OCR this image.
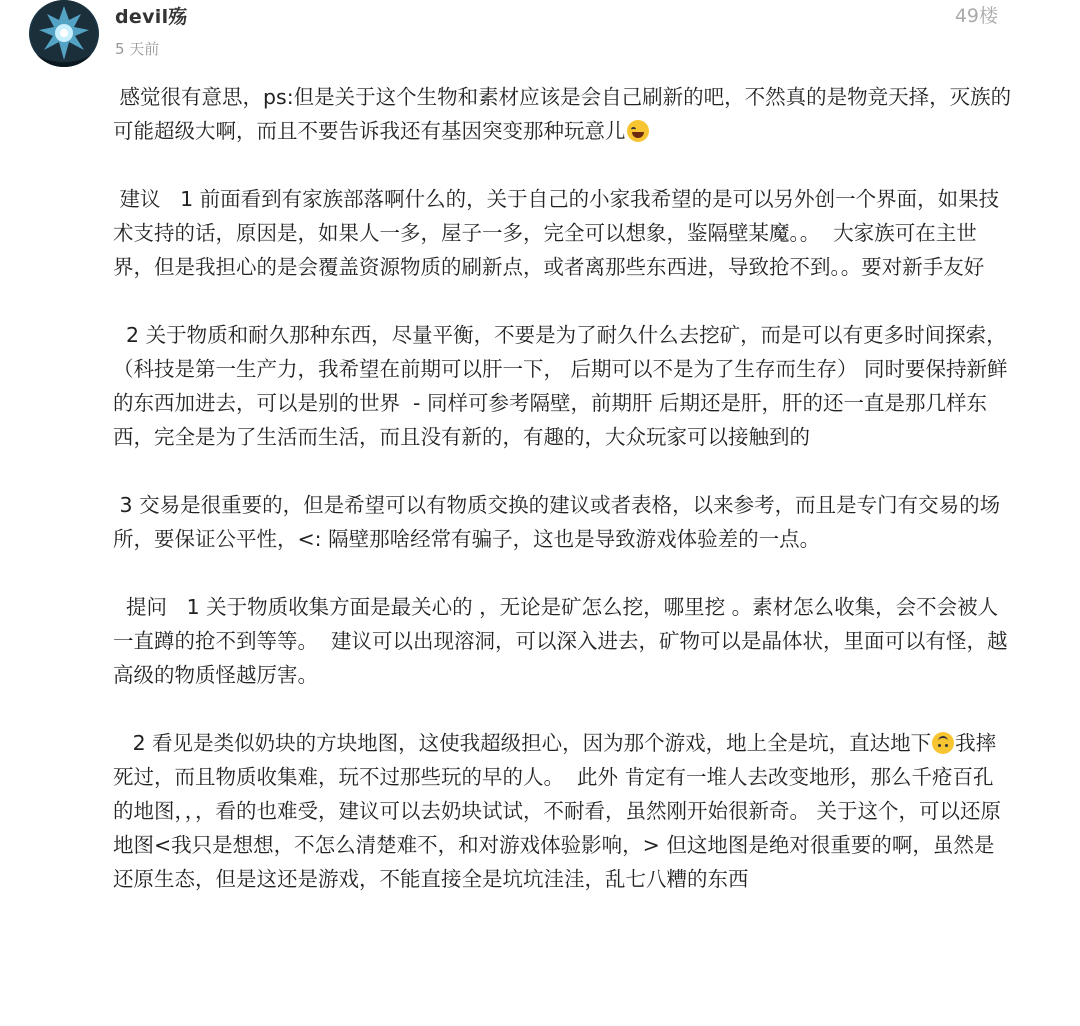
devil殇
5 天前
49楼
感觉很有意思，ps:但是关于这个生物和素材应该是会自己刷新的吧，不然真的是物竞天择，灭族的可能超级大啊，而且不要告诉我还有基因突变那种玩意儿
建议   1 前面看到有家族部落啊什么的，关于自己的小家我希望的是可以另外创一个界面，如果技术支持的话，原因是，如果人一多，屋子一多，完全可以想象，鉴隔壁某魔。。  大家族可在主世界，但是我担心的是会覆盖资源物质的刷新点，或者离那些东西进，导致抢不到。。要对新手友好
2 关于物质和耐久那种东西，尽量平衡，不要是为了耐久什么去挖矿，而是可以有更多时间探索，（科技是第一生产力，我希望在前期可以肝一下， 后期可以不是为了生存而生存） 同时要保持新鲜的东西加进去，可以是别的世界  - 同样可参考隔壁，前期肝 后期还是肝，肝的还一直是那几样东西，完全是为了生活而生活，而且没有新的，有趣的，大众玩家可以接触到的
3 交易是很重要的，但是希望可以有物质交换的建议或者表格，以来参考，而且是专门有交易的场所，要保证公平性，<: 隔壁那啥经常有骗子，这也是导致游戏体验差的一点。
提问   1 关于物质收集方面是最关心的 ，无论是矿怎么挖，哪里挖 。素材怎么收集，会不会被人一直蹲的抢不到等等。  建议可以出现溶洞，可以深入进去，矿物可以是晶体状，里面可以有怪，越高级的物质怪越厉害。
2 看见是类似奶块的方块地图，这使我超级担心，因为那个游戏，地上全是坑，直达地下 我摔死过，而且物质收集难，玩不过那些玩的早的人。  此外 肯定有一堆人去改变地形，那么千疮百孔的地图，，，看的也难受，建议可以去奶块试试，不耐看，虽然刚开始很新奇。 关于这个，可以还原地图<我只是想想，不怎么清楚难不，和对游戏体验影响，> 但这地图是绝对很重要的啊，虽然是还原生态，但是这还是游戏，不能直接全是坑坑洼洼，乱七八糟的东西
